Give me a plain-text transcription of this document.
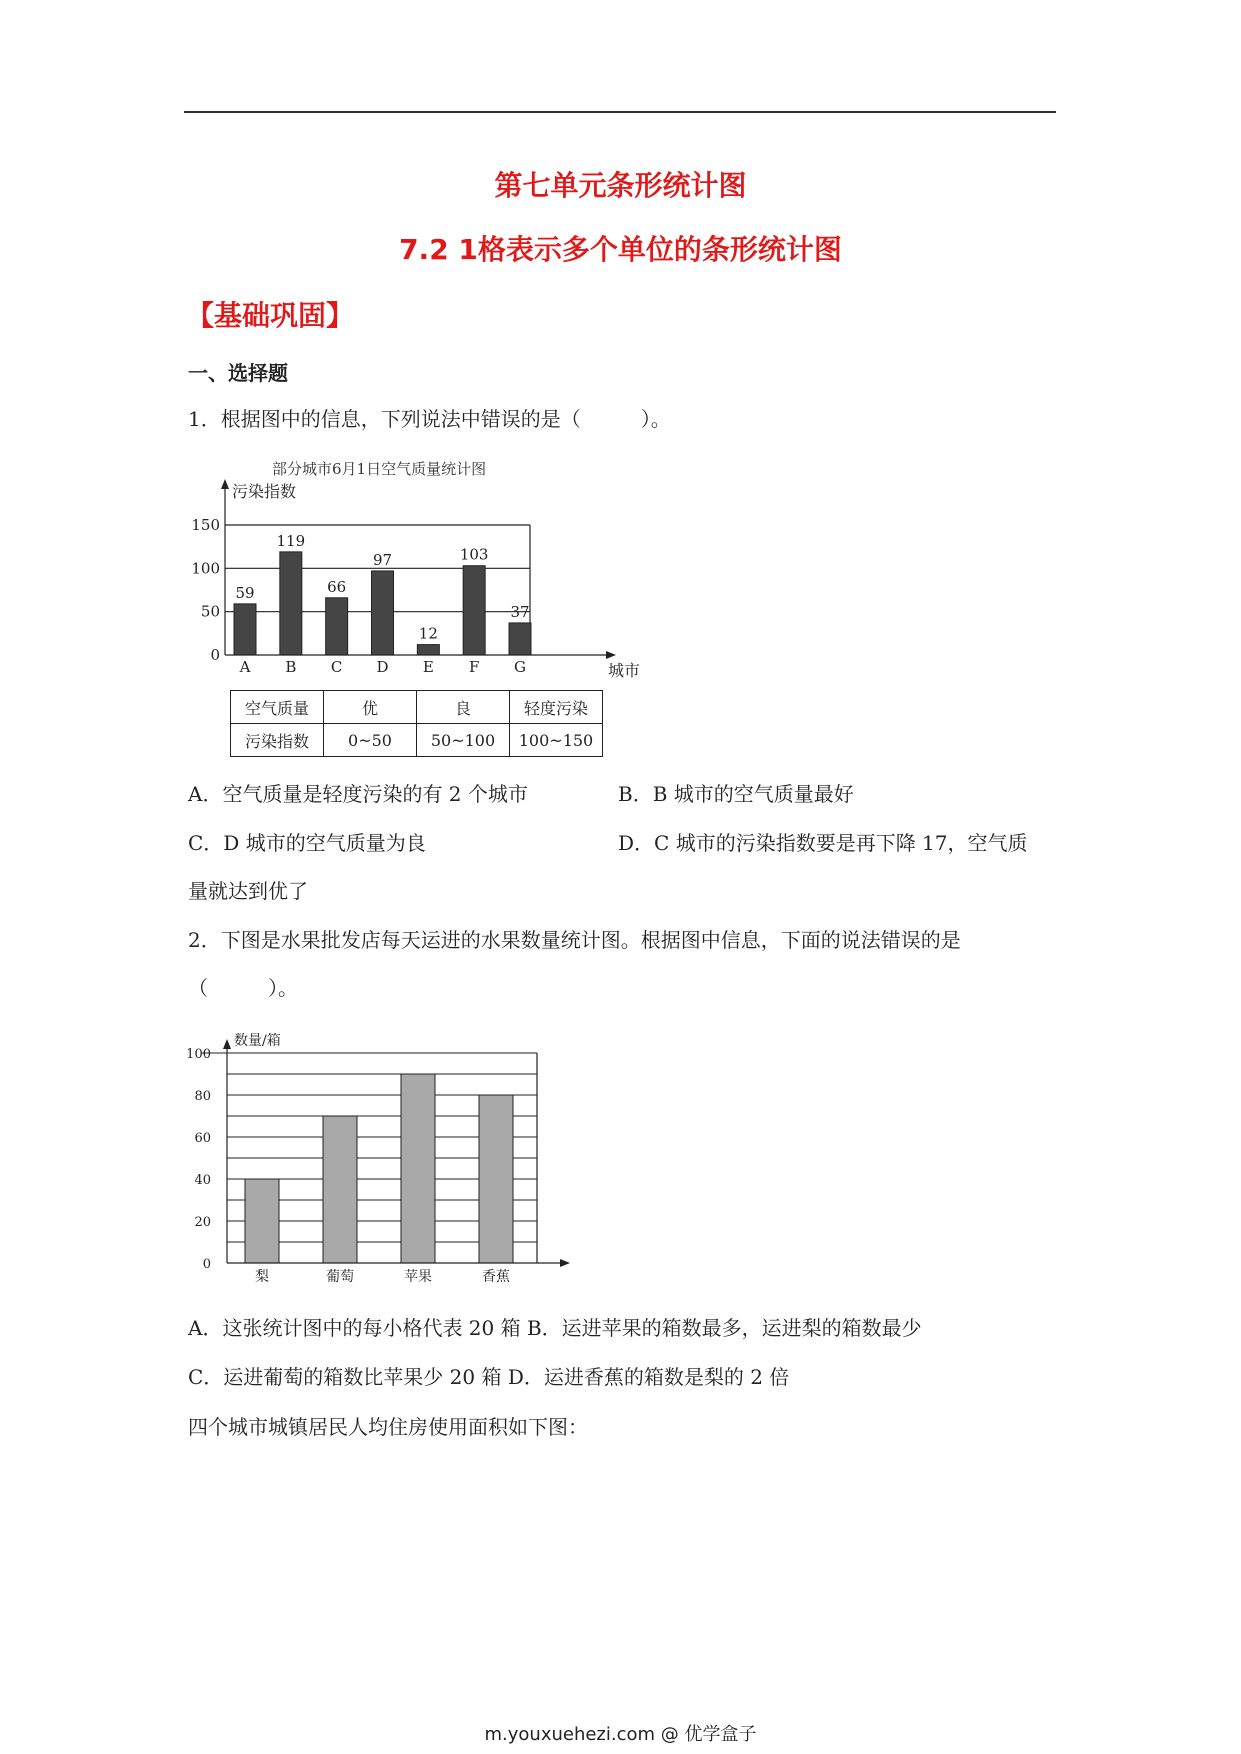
第七单元条形统计图
7.2 1格表示多个单位的条形统计图
【基础巩固】
一、选择题
1．根据图中的信息，下列说法中错误的是（　　　）。
部分城市6月1日空气质量统计图
污染指数
城市
0
50
100
150
59
119
66
97
12
103
37
A B C D E F G
空气质量	优	良	轻度污染
污染指数	0~50	50~100	100~150
A．空气质量是轻度污染的有 2 个城市	B．B 城市的空气质量最好
C．D 城市的空气质量为良	D．C 城市的污染指数要是再下降 17，空气质
量就达到优了
2．下图是水果批发店每天运进的水果数量统计图。根据图中信息，下面的说法错误的是
（　　　）。
数量/箱
0
20
40
60
80
100
梨	葡萄	苹果	香蕉
A．这张统计图中的每小格代表 20 箱 B．运进苹果的箱数最多，运进梨的箱数最少
C．运进葡萄的箱数比苹果少 20 箱 D．运进香蕉的箱数是梨的 2 倍
四个城市城镇居民人均住房使用面积如下图：
m.youxuehezi.com @ 优学盒子
